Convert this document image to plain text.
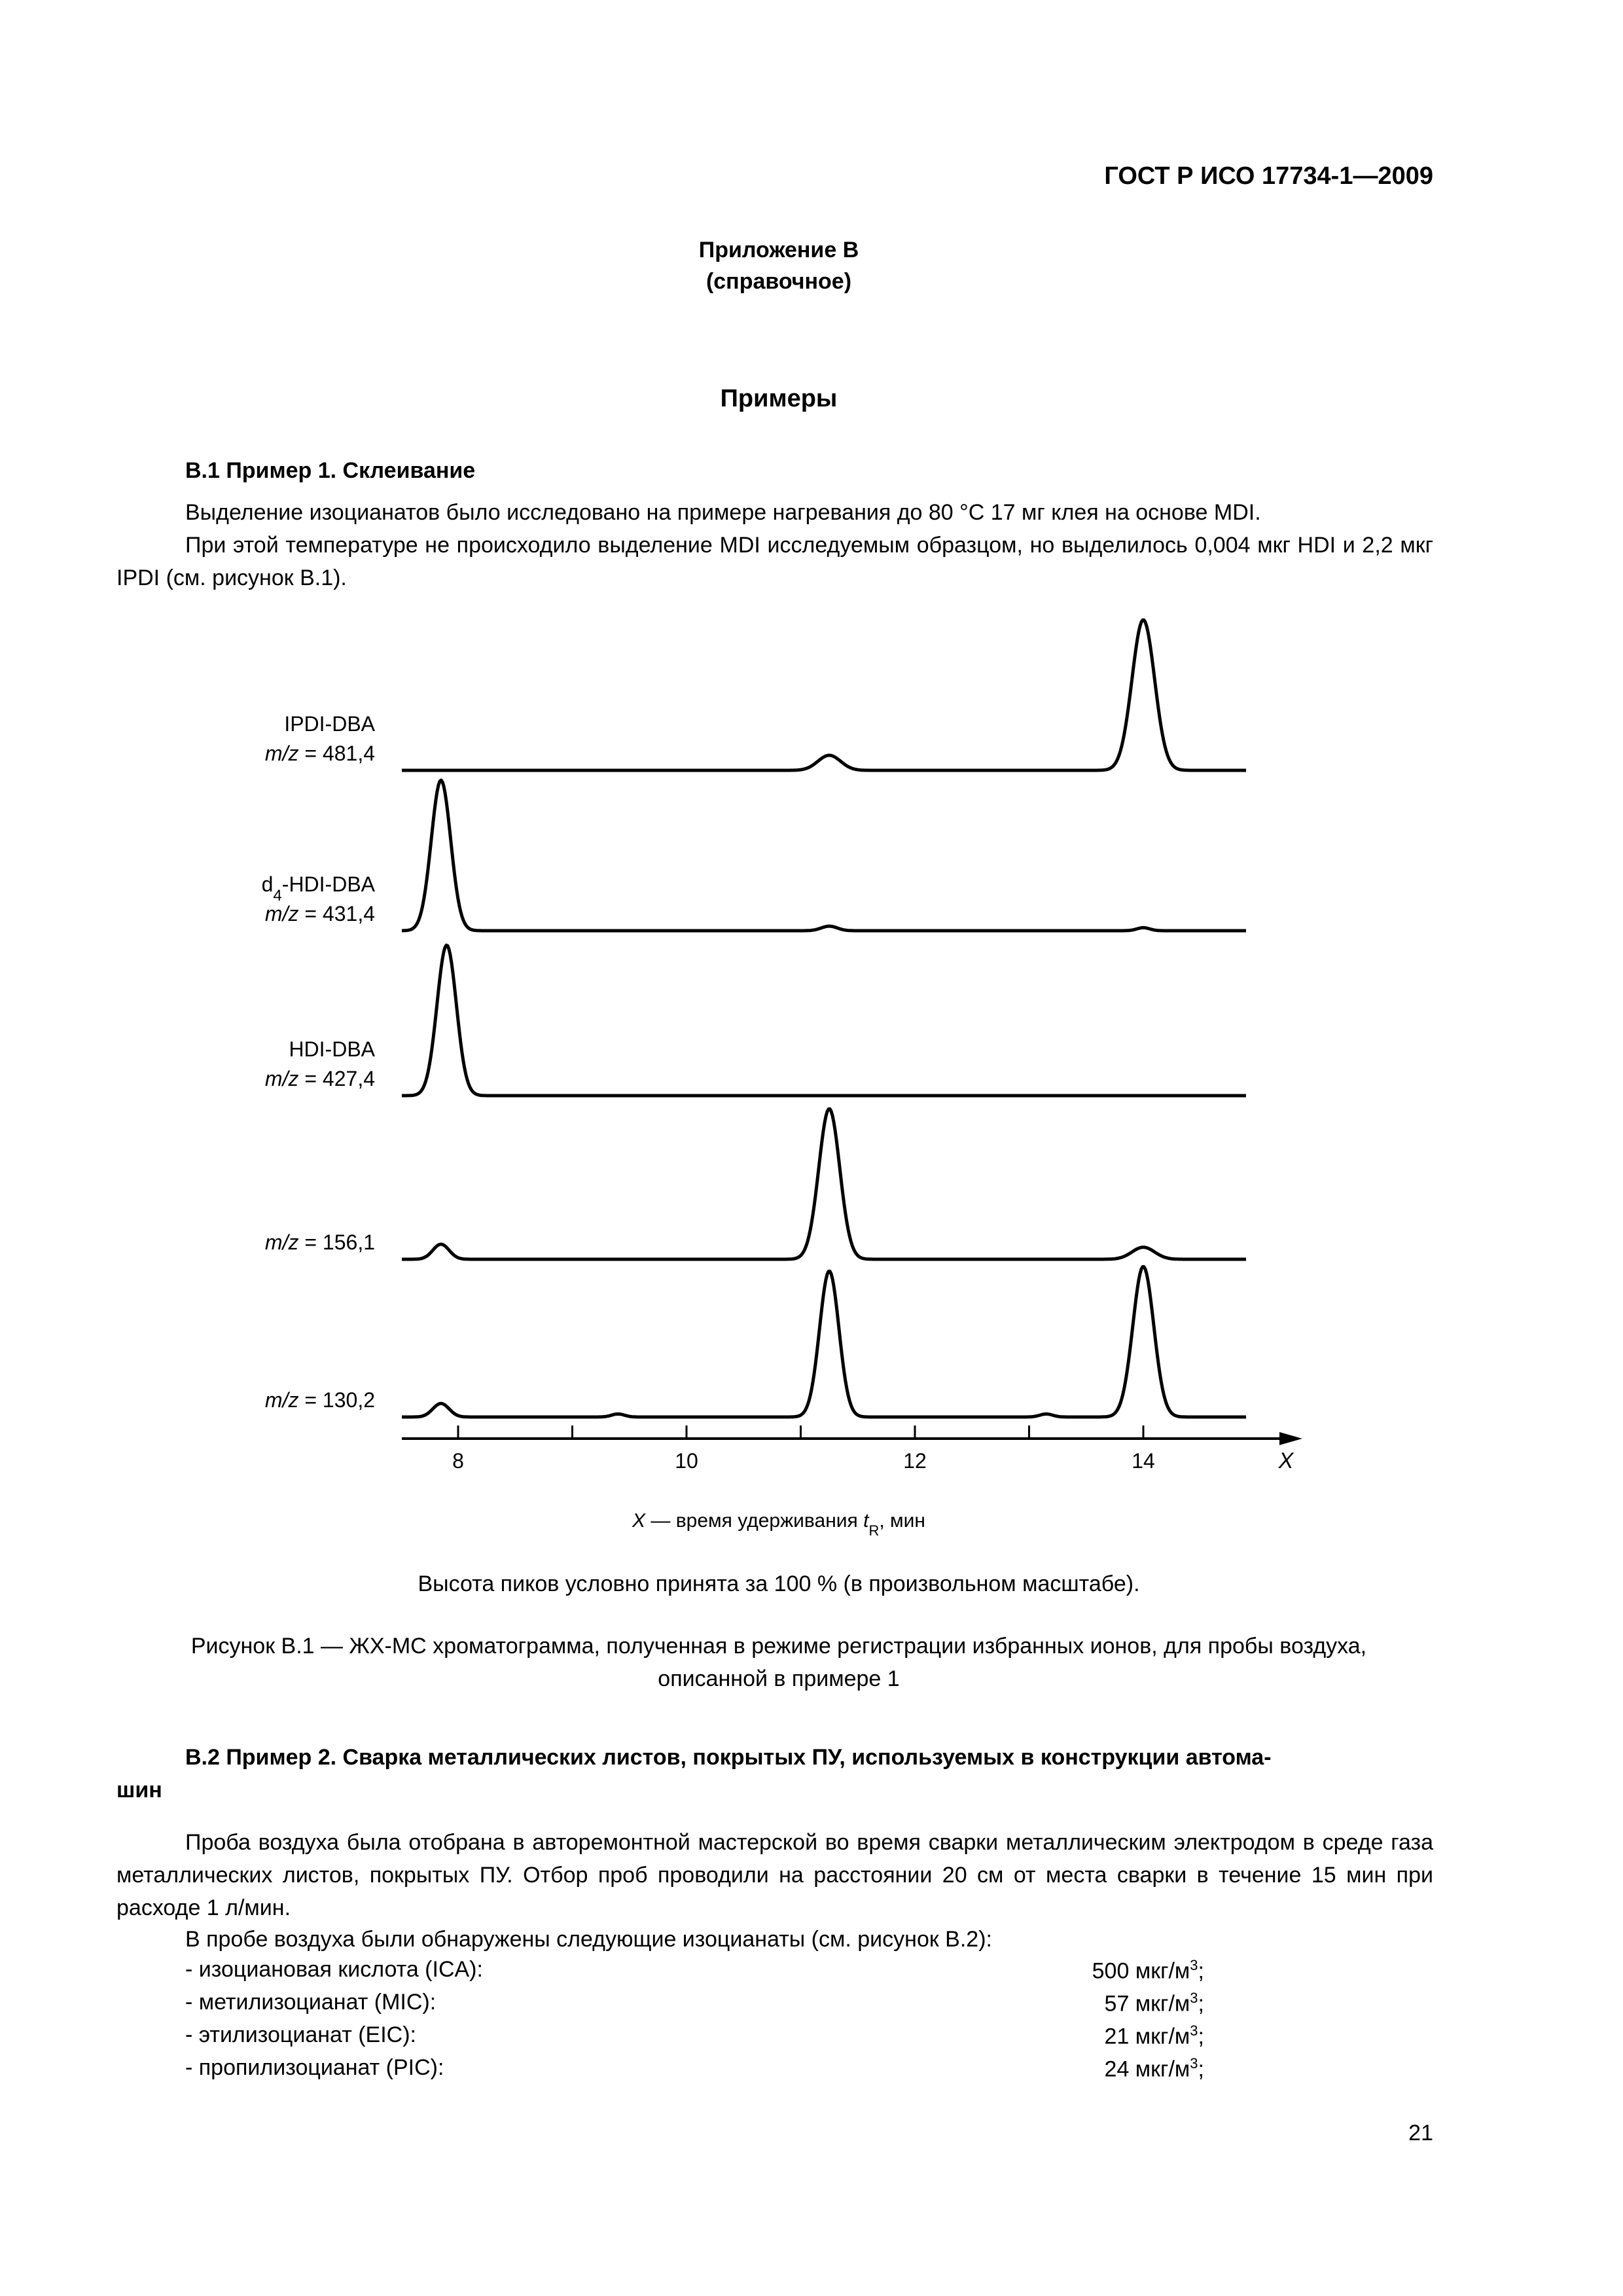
ГОСТ Р ИСО 17734-1—2009
Приложение В
(справочное)
Примеры
В.1 Пример 1. Склеивание
Выделение изоцианатов было исследовано на примере нагревания до 80 °С 17 мг клея на основе MDI.
При этой температуре не происходило выделение MDI исследуемым образцом, но выделилось 0,004 мкг HDI и 2,2 мкг IPDI (см. рисунок В.1).
IPDI-DBA
m/z = 481,4
$d_4-HDI$-DBA
m/z = 431,4
HDI-DBA
m/z = 427,4
m/z = 156,1
m/z = 130,2
8	10	12	14	X
X — время удерживания $t_R$, мин
Высота пиков условно принята за 100 % (в произвольном масштабе).
Рисунок В.1 — ЖХ-МС хроматограмма, полученная в режиме регистрации избранных ионов, для пробы воздуха,
описанной в примере 1
В.2 Пример 2. Сварка металлических листов, покрытых ПУ, используемых в конструкции автома-
шин
Проба воздуха была отобрана в авторемонтной мастерской во время сварки металлическим электродом в среде газа металлических листов, покрытых ПУ. Отбор проб проводили на расстоянии 20 см от места сварки в течение 15 мин при расходе 1 л/мин.
В пробе воздуха были обнаружены следующие изоцианаты (см. рисунок В.2):
- изоциановая кислота (ICA):	500 мкг/$м^3$;
- метилизоцианат (MIC):	57 мкг/$м^3$;
- этилизоцианат (EIC):	21 мкг/$м^3$;
- пропилизоцианат (PIC):	24 мкг/$м^3$;
21
